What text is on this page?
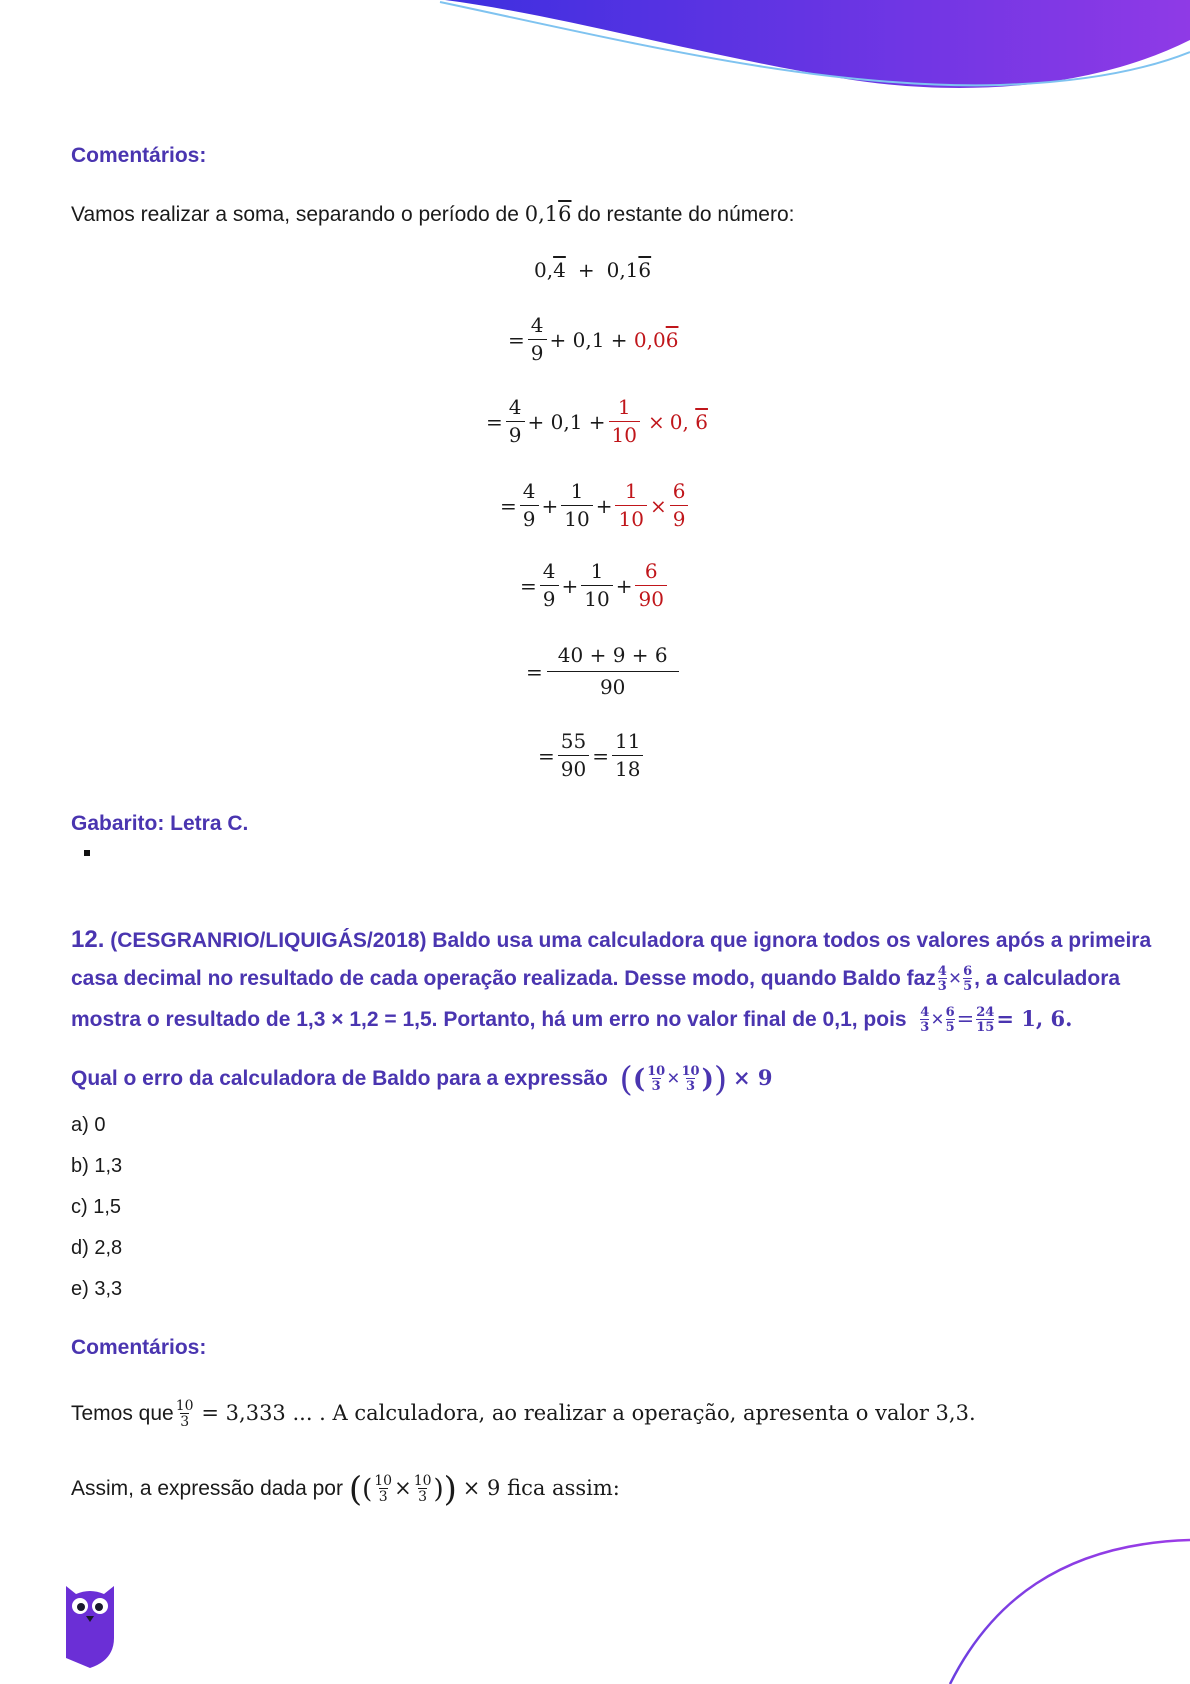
Comentários:
Vamos realizar a soma, separando o período de 0,16 do restante do número:
0, 4 + 0,1 6
= $\frac{4}{9} + 0,1$ +
0,06
= $\frac{4}{9} + 0,1 + \frac{1}{10} \times 0$, 6
= $\frac{4}{9} + \frac{1}{10} + \frac{1}{10} \times \frac{6}{9}$
= $\frac{4}{9} + \frac{1}{10} + \frac{6}{90}$
= $\frac{40 + 9 + 6}{90}$
= $\frac{55}{90} = \frac{11}{18}$
Gabarito: Letra C.
12. (CESGRANRIO/LIQUIGÁS/2018) Baldo usa uma calculadora que ignora todos os valores após a primeira
casa decimal no resultado de cada operação realizada. Desse modo, quando Baldo faz $\frac{4}{3} \times \frac{6}{5}$ , a calculadora
mostra o resultado de 1,3 × 1,2 = 1,5. Portanto, há um erro no valor final de 0,1, pois $\frac{4}{3} \times \frac{6}{5} = \frac{24}{15} = 1$, 6.
Qual o erro da calculadora de Baldo para a expressão (( $\frac{10}{3} \times \frac{10}{3}$ )) × 9
a) 0
b) 1,3
c) 1,5
d) 2,8
e) 3,3
Comentários:
Temos que $\frac{10}{3} = 3,333$ ... . A calculadora, ao realizar a operação, apresenta o valor 3,3.
Assim, a expressão dada por (( $\frac{10}{3} \times \frac{10}{3}$ )) × 9 fica assim:
